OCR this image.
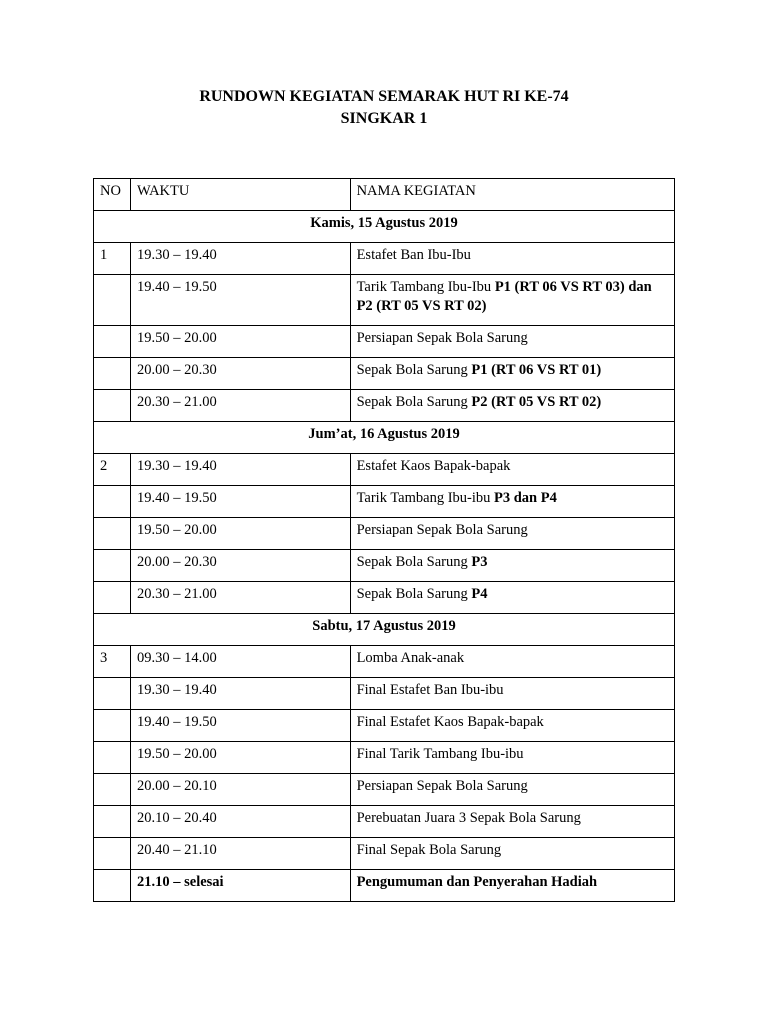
RUNDOWN KEGIATAN SEMARAK HUT RI KE-74
SINGKAR 1
NO	WAKTU	NAMA KEGIATAN
Kamis, 15 Agustus 2019		
1	19.30 – 19.40	Estafet Ban Ibu-Ibu
	19.40 – 19.50	Tarik Tambang Ibu-Ibu P1 (RT 06 VS RT 03) dan P2 (RT 05 VS RT 02)
	19.50 – 20.00	Persiapan Sepak Bola Sarung
	20.00 – 20.30	Sepak Bola Sarung P1 (RT 06 VS RT 01)
	20.30 – 21.00	Sepak Bola Sarung P2 (RT 05 VS RT 02)
Jum’at, 16 Agustus 2019		
2	19.30 – 19.40	Estafet Kaos Bapak-bapak
	19.40 – 19.50	Tarik Tambang Ibu-ibu P3 dan P4
	19.50 – 20.00	Persiapan Sepak Bola Sarung
	20.00 – 20.30	Sepak Bola Sarung P3
	20.30 – 21.00	Sepak Bola Sarung P4
Sabtu, 17 Agustus 2019		
3	09.30 – 14.00	Lomba Anak-anak
	19.30 – 19.40	Final Estafet Ban Ibu-ibu
	19.40 – 19.50	Final Estafet Kaos Bapak-bapak
	19.50 – 20.00	Final Tarik Tambang Ibu-ibu
	20.00 – 20.10	Persiapan Sepak Bola Sarung
	20.10 – 20.40	Perebuatan Juara 3 Sepak Bola Sarung
	20.40 – 21.10	Final Sepak Bola Sarung
	21.10 – selesai	Pengumuman dan Penyerahan Hadiah
